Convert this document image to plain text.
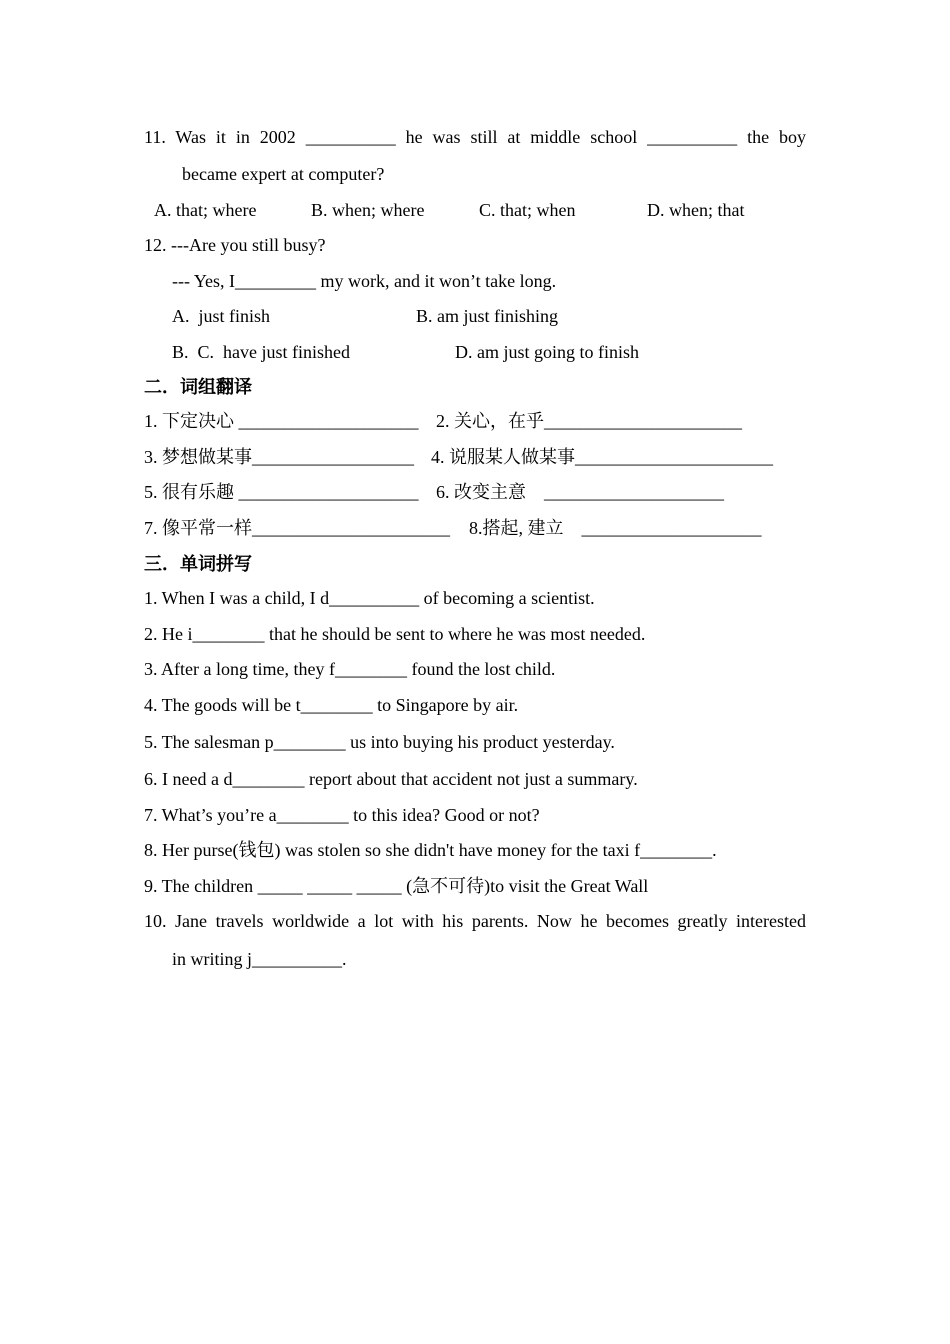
11. Was it in 2002 __________ he was still at middle school __________ the boy
became expert at computer?
A. that; where	B. when; where	C. that; when	D. when; that
12. ---Are you still busy?
--- Yes, I_________ my work, and it won’t take long.
A.  just finish	B. am just finishing
B.  C.  have just finished	D. am just going to finish
二．词组翻译
1. 下定决心 ____________________ 2. 关心，在乎______________________
3. 梦想做某事__________________ 4. 说服某人做某事______________________
5. 很有乐趣 ____________________ 6. 改变主意    ____________________
7. 像平常一样______________________ 8.搭起, 建立    ____________________
三．单词拼写
1. When I was a child, I d__________ of becoming a scientist.
2. He i________ that he should be sent to where he was most needed.
3. After a long time, they f________ found the lost child.
4. The goods will be t________ to Singapore by air.
5. The salesman p________ us into buying his product yesterday.
6. I need a d________ report about that accident not just a summary.
7. What’s you’re a________ to this idea? Good or not?
8. Her purse(钱包) was stolen so she didn't have money for the taxi f________.
9. The children _____ _____ _____ (急不可待)to visit the Great Wall
10. Jane travels worldwide a lot with his parents. Now he becomes greatly interested
in writing j__________.
